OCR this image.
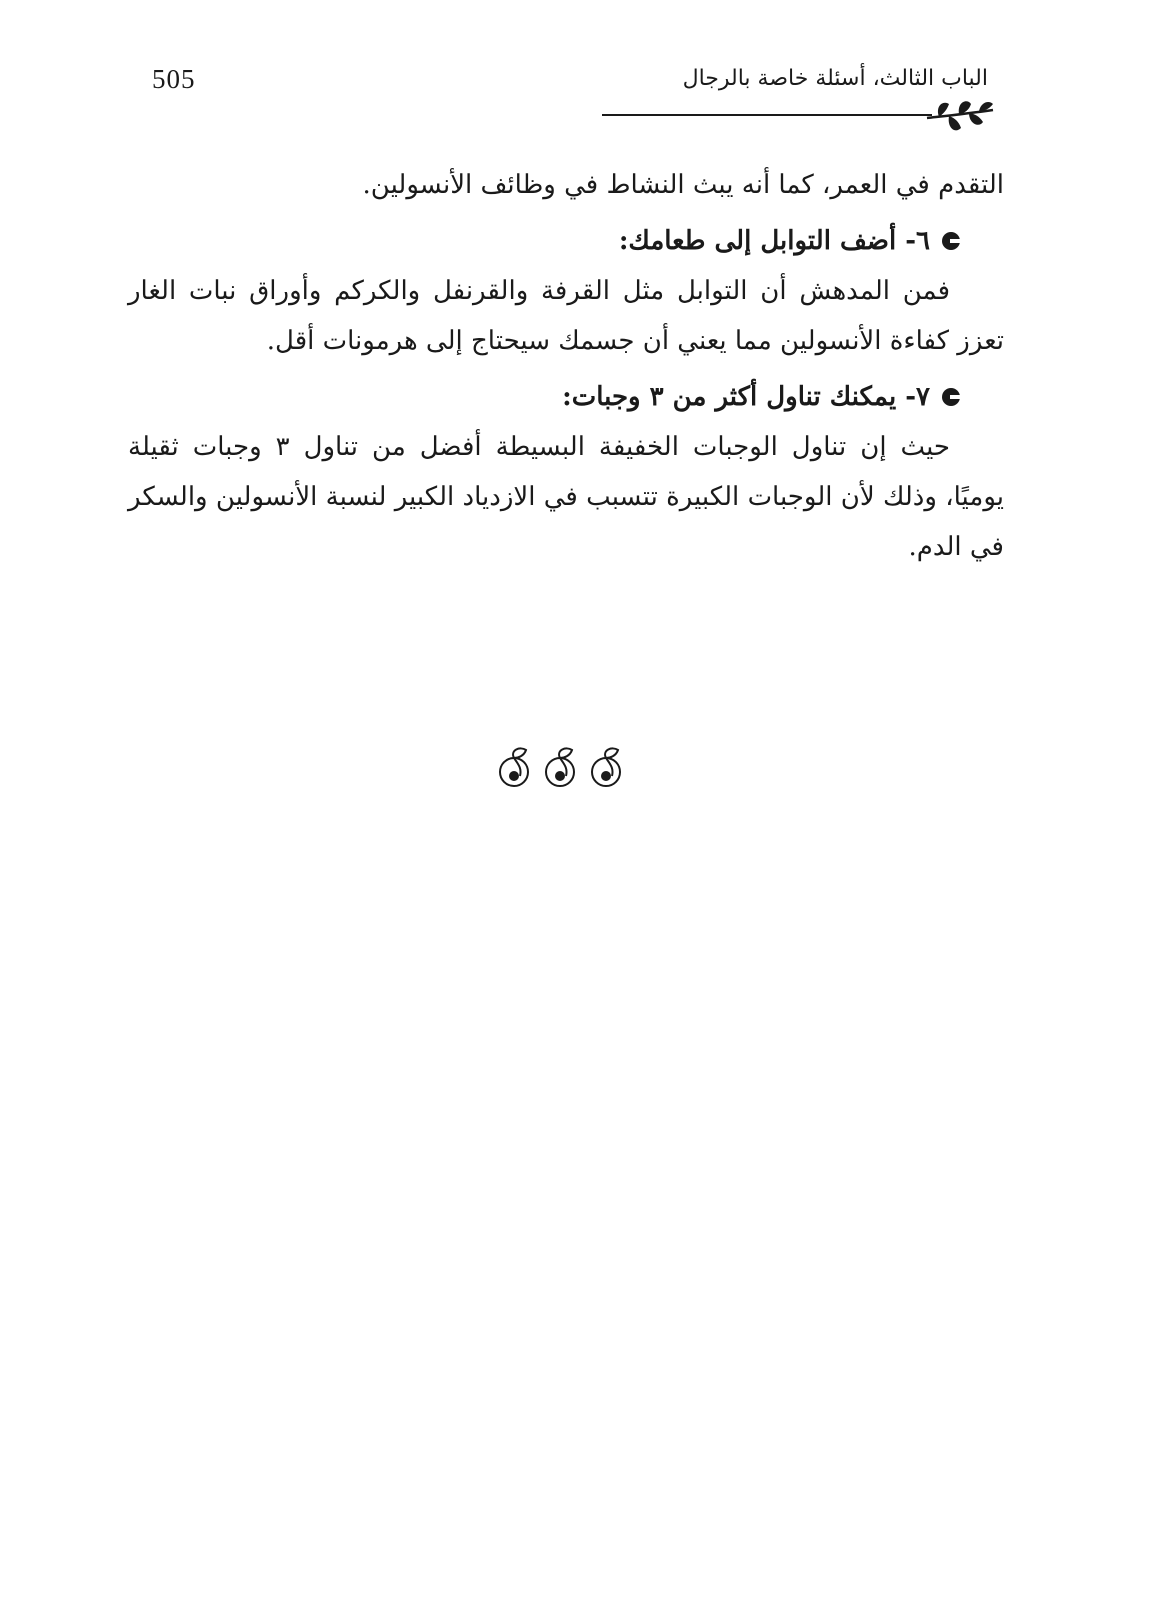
505	الباب الثالث، أسئلة خاصة بالرجال

التقدم في العمر، كما أنه يبث النشاط في وظائف الأنسولين.

٦- أضف التوابل إلى طعامك:

فمن المدهش أن التوابل مثل القرفة والقرنفل والكركم وأوراق نبات الغار تعزز كفاءة الأنسولين مما يعني أن جسمك سيحتاج إلى هرمونات أقل.

٧- يمكنك تناول أكثر من ٣ وجبات:

حيث إن تناول الوجبات الخفيفة البسيطة أفضل من تناول ٣ وجبات ثقيلة يوميًا، وذلك لأن الوجبات الكبيرة تتسبب في الازدياد الكبير لنسبة الأنسولين والسكر في الدم.
